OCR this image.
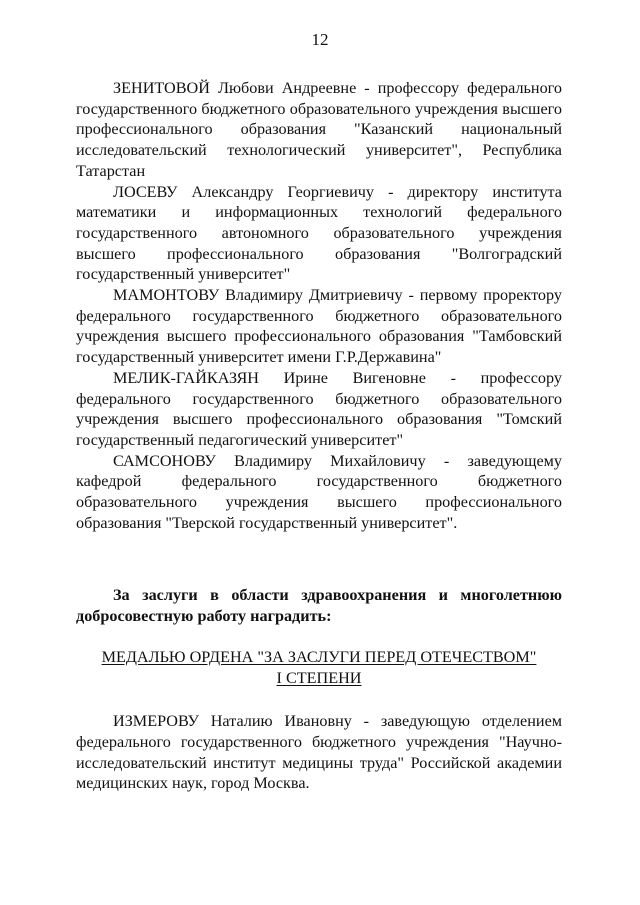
12

ЗЕНИТОВОЙ Любови Андреевне - профессору федерального государственного бюджетного образовательного учреждения высшего профессионального образования "Казанский национальный исследовательский технологический университет", Республика Татарстан

ЛОСЕВУ Александру Георгиевичу - директору института математики и информационных технологий федерального государственного автономного образовательного учреждения высшего профессионального образования "Волгоградский государственный университет"

МАМОНТОВУ Владимиру Дмитриевичу - первому проректору федерального государственного бюджетного образовательного учреждения высшего профессионального образования "Тамбовский государственный университет имени Г.Р.Державина"

МЕЛИК-ГАЙКАЗЯН Ирине Вигеновне - профессору федерального государственного бюджетного образовательного учреждения высшего профессионального образования "Томский государственный педагогический университет"

САМСОНОВУ Владимиру Михайловичу - заведующему кафедрой федерального государственного бюджетного образовательного учреждения высшего профессионального образования "Тверской государственный университет".

За заслуги в области здравоохранения и многолетнюю добросовестную работу наградить:

МЕДАЛЬЮ ОРДЕНА "ЗА ЗАСЛУГИ ПЕРЕД ОТЕЧЕСТВОМ"
I СТЕПЕНИ

ИЗМЕРОВУ Наталию Ивановну - заведующую отделением федерального государственного бюджетного учреждения "Научно-исследовательский институт медицины труда" Российской академии медицинских наук, город Москва.
